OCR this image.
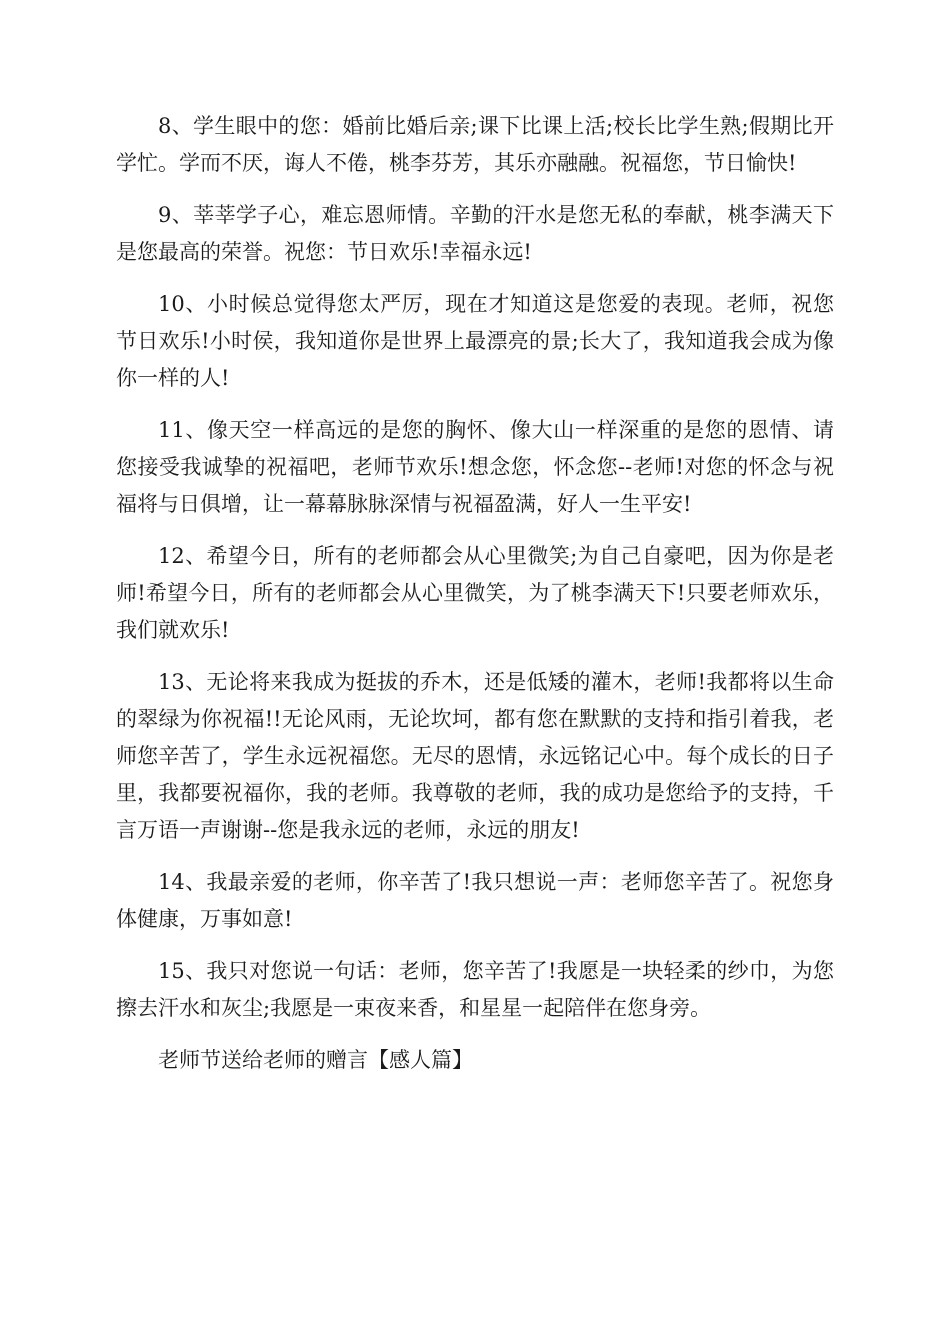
8、学生眼中的您：婚前比婚后亲;课下比课上活;校长比学生熟;假期比开学忙。学而不厌，诲人不倦，桃李芬芳，其乐亦融融。祝福您，节日愉快!

9、莘莘学子心，难忘恩师情。辛勤的汗水是您无私的奉献，桃李满天下是您最高的荣誉。祝您：节日欢乐!幸福永远!

10、小时候总觉得您太严厉，现在才知道这是您爱的表现。老师，祝您节日欢乐!小时侯，我知道你是世界上最漂亮的景;长大了，我知道我会成为像你一样的人!

11、像天空一样高远的是您的胸怀、像大山一样深重的是您的恩情、请您接受我诚挚的祝福吧，老师节欢乐!想念您，怀念您--老师!对您的怀念与祝福将与日俱增，让一幕幕脉脉深情与祝福盈满，好人一生平安!

12、希望今日，所有的老师都会从心里微笑;为自己自豪吧，因为你是老师!希望今日，所有的老师都会从心里微笑，为了桃李满天下!只要老师欢乐，我们就欢乐!

13、无论将来我成为挺拔的乔木，还是低矮的灌木，老师!我都将以生命的翠绿为你祝福!!无论风雨，无论坎坷，都有您在默默的支持和指引着我，老师您辛苦了，学生永远祝福您。无尽的恩情，永远铭记心中。每个成长的日子里，我都要祝福你，我的老师。我尊敬的老师，我的成功是您给予的支持，千言万语一声谢谢--您是我永远的老师，永远的朋友!

14、我最亲爱的老师，你辛苦了!我只想说一声：老师您辛苦了。祝您身体健康，万事如意!

15、我只对您说一句话：老师，您辛苦了!我愿是一块轻柔的纱巾，为您擦去汗水和灰尘;我愿是一束夜来香，和星星一起陪伴在您身旁。

老师节送给老师的赠言【感人篇】
